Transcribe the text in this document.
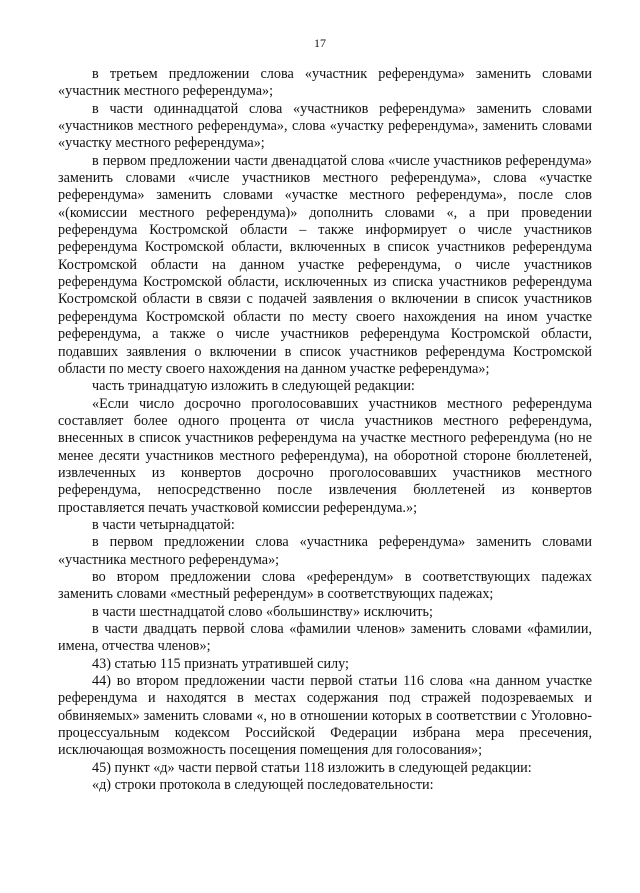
17

в третьем предложении слова «участник референдума» заменить словами «участник местного референдума»;

в части одиннадцатой слова «участников референдума» заменить словами «участников местного референдума», слова «участку референдума», заменить словами «участку местного референдума»;

в первом предложении части двенадцатой слова «числе участников референдума» заменить словами «числе участников местного референдума», слова «участке референдума» заменить словами «участке местного референдума», после слов «(комиссии местного референдума)» дополнить словами «, а при проведении референдума Костромской области – также информирует о числе участников референдума Костромской области, включенных в список участников референдума Костромской области на данном участке референдума, о числе участников референдума Костромской области, исключенных из списка участников референдума Костромской области в связи с подачей заявления о включении в список участников референдума Костромской области по месту своего нахождения на ином участке референдума, а также о числе участников референдума Костромской области, подавших заявления о включении в список участников референдума Костромской области по месту своего нахождения на данном участке референдума»;

часть тринадцатую изложить в следующей редакции:

«Если число досрочно проголосовавших участников местного референдума составляет более одного процента от числа участников местного референдума, внесенных в список участников референдума на участке местного референдума (но не менее десяти участников местного референдума), на оборотной стороне бюллетеней, извлеченных из конвертов досрочно проголосовавших участников местного референдума, непосредственно после извлечения бюллетеней из конвертов проставляется печать участковой комиссии референдума.»;

в части четырнадцатой:

в первом предложении слова «участника референдума» заменить словами «участника местного референдума»;

во втором предложении слова «референдум» в соответствующих падежах заменить словами «местный референдум» в соответствующих падежах;

в части шестнадцатой слово «большинству» исключить;

в части двадцать первой слова «фамилии членов» заменить словами «фамилии, имена, отчества членов»;

43) статью 115 признать утратившей силу;

44) во втором предложении части первой статьи 116 слова «на данном участке референдума и находятся в местах содержания под стражей подозреваемых и обвиняемых» заменить словами «, но в отношении которых в соответствии с Уголовно-процессуальным кодексом Российской Федерации избрана мера пресечения, исключающая возможность посещения помещения для голосования»;

45) пункт «д» части первой статьи 118 изложить в следующей редакции:

«д) строки протокола в следующей последовательности:
